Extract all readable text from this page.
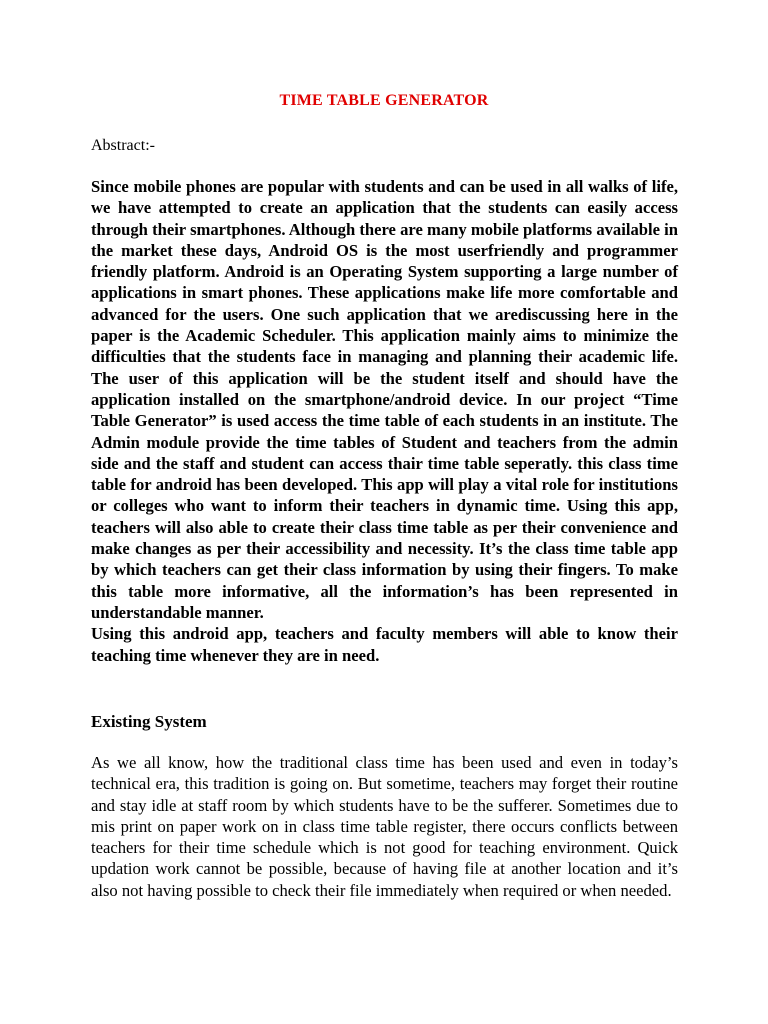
TIME TABLE GENERATOR
Abstract:-

Since mobile phones are popular with students and can be used in all walks of life, we have attempted to create an application that the students can easily access through their smartphones. Although there are many mobile platforms available in the market these days, Android OS is the most userfriendly and programmer friendly platform. Android is an Operating System supporting a large number of applications in smart phones. These applications make life more comfortable and advanced for the users. One such application that we arediscussing here in the paper is the Academic Scheduler. This application mainly aims to minimize the difficulties that the students face in managing and planning their academic life. The user of this application will be the student itself and should have the application installed on the smartphone/android device. In our project “Time Table Generator” is used access the time table of each students in an institute. The Admin module provide the time tables of Student and teachers from the admin side and the staff and student can access thair time table seperatly. this class time table for android has been developed. This app will play a vital role for institutions or colleges who want to inform their teachers in dynamic time. Using this app, teachers will also able to create their class time table as per their convenience and make changes as per their accessibility and necessity. It’s the class time table app by which teachers can get their class information by using their fingers. To make this table more informative, all the information’s has been represented in understandable manner.

Using this android app, teachers and faculty members will able to know their teaching time whenever they are in need.

Existing System

As we all know, how the traditional class time has been used and even in today’s technical era, this tradition is going on. But sometime, teachers may forget their routine and stay idle at staff room by which students have to be the sufferer. Sometimes due to mis print on paper work on in class time table register, there occurs conflicts between teachers for their time schedule which is not good for teaching environment. Quick updation work cannot be possible, because of having file at another location and it’s also not having possible to check their file immediately when required or when needed.
